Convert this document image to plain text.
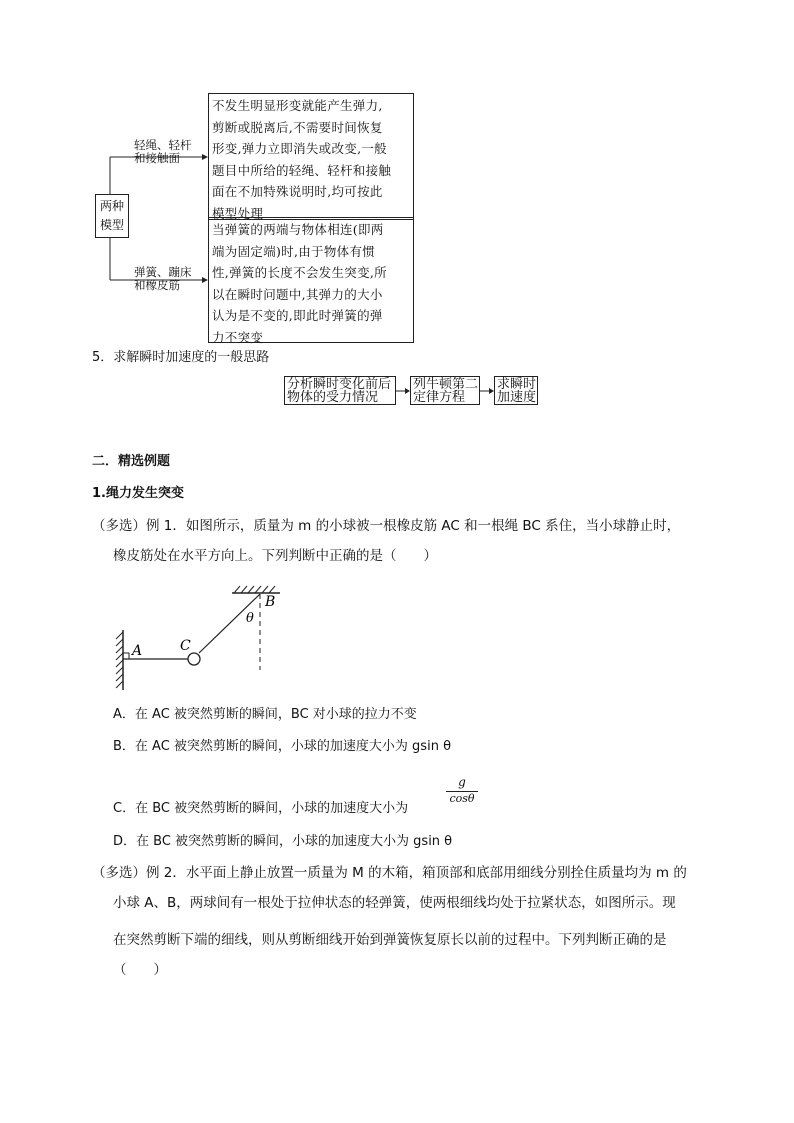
两种
模型
轻绳、轻杆
和接触面
弹簧、蹦床
和橡皮筋
不发生明显形变就能产生弹力,
剪断或脱离后,不需要时间恢复
形变,弹力立即消失或改变,一般
题目中所给的轻绳、轻杆和接触
面在不加特殊说明时,均可按此
模型处理
当弹簧的两端与物体相连(即两
端为固定端)时,由于物体有惯
性,弹簧的长度不会发生突变,所
以在瞬时问题中,其弹力的大小
认为是不变的,即此时弹簧的弹
力不突变
5．求解瞬时加速度的一般思路
分析瞬时变化前后
物体的受力情况
列牛顿第二
定律方程
求瞬时
加速度
二．精选例题
1.绳力发生突变
（多选）例 1．如图所示，质量为 m 的小球被一根橡皮筋 AC 和一根绳 BC 系住，当小球静止时，
橡皮筋处在水平方向上。下列判断中正确的是（　　）
A	C
B
θ
A．在 AC 被突然剪断的瞬间，BC 对小球的拉力不变
B．在 AC 被突然剪断的瞬间，小球的加速度大小为 gsin θ
C．在 BC 被突然剪断的瞬间，小球的加速度大小为
g
cosθ
D．在 BC 被突然剪断的瞬间，小球的加速度大小为 gsin θ
（多选）例 2．水平面上静止放置一质量为 M 的木箱，箱顶部和底部用细线分别拴住质量均为 m 的
小球 A、B，两球间有一根处于拉伸状态的轻弹簧，使两根细线均处于拉紧状态，如图所示。现
在突然剪断下端的细线，则从剪断细线开始到弹簧恢复原长以前的过程中。下列判断正确的是
（　　）
